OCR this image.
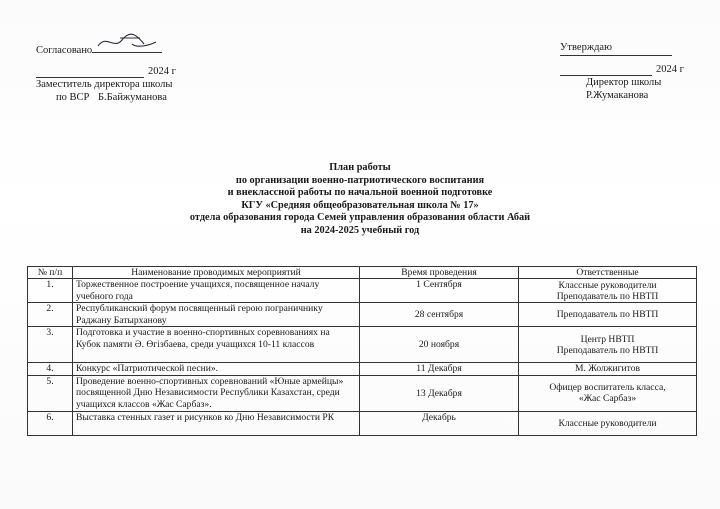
Согласовано
2024 г
Заместитель директора школы
по ВСР Б.Байжуманова
Утверждаю
2024 г
Директор школы
Р.Жумаканова
План работы
по организации военно-патриотического воспитания
и внеклассной работы по начальной военной подготовке
КГУ «Средняя общеобразовательная школа № 17»
отдела образования города Семей управления образования области Абай
на 2024-2025 учебный год
№ п/п	Наименование проводимых мероприятий	Время проведения	Ответственные
1.	Торжественное построение учащихся, посвященное началу учебного года	1 Сентября	Классные руководители
Преподаватель по НВТП

2.	Республиканский форум посвященный герою пограничнику Раджану Батырханову	28 сентября	Преподаватель по НВТП
3.	Подготовка и участие в военно-спортивных соревнованиях на Кубок памяти Ә. Өгізбаева, среди учащихся 10-11 классов	20 ноября	Центр НВТП
Преподаватель по НВТП

4.	Конкурс «Патриотической песни».	11 Декабря	М. Жолжигитов
5.	Проведение военно-спортивных соревнований «Юные армейцы» посвященной Дню Независимости Республики Казахстан, среди учащихся классов «Жас Сарбаз».	13 Декабря	Офицер воспитатель класса,
«Жас Сарбаз»

6.	Выставка стенных газет и рисунков ко Дню Независимости РК	Декабрь	Классные руководители
